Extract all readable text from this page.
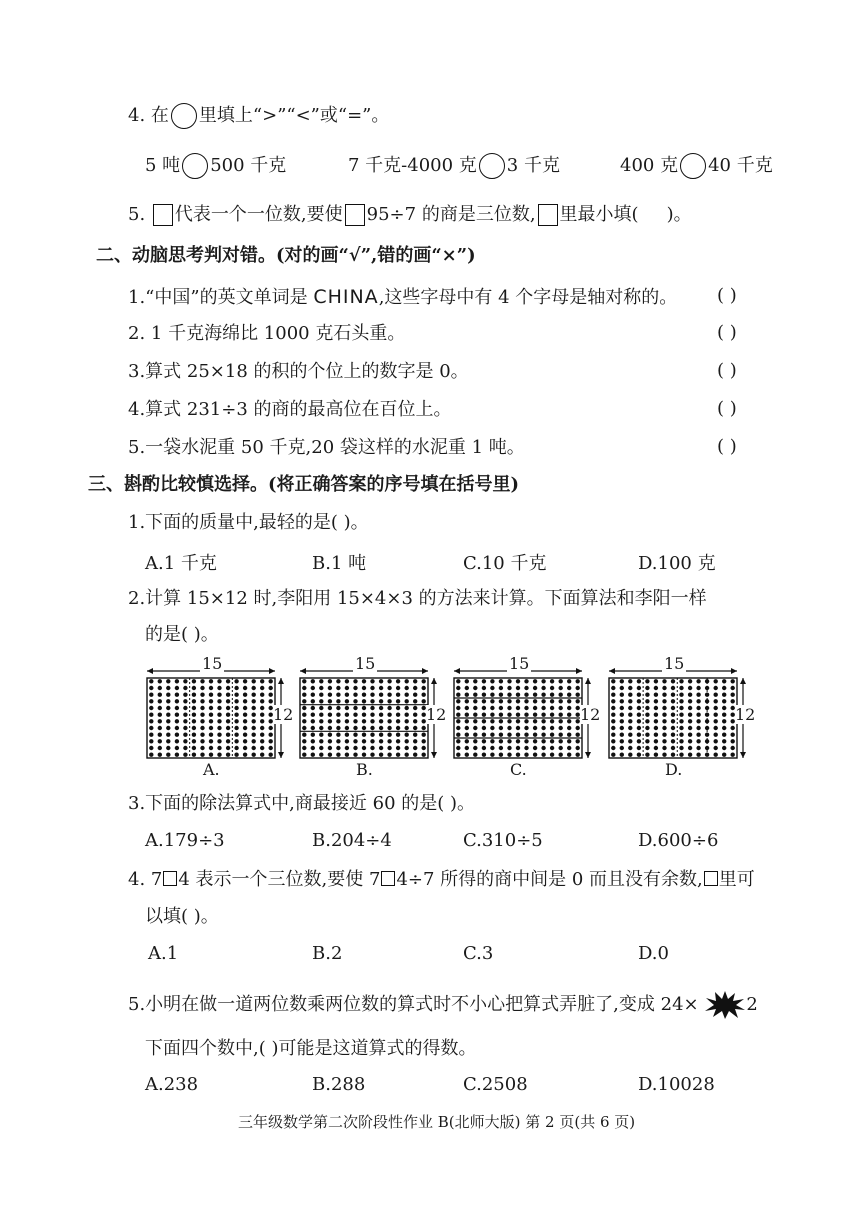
4. 在 里填上“>”“<”或“=”。
5 吨 500 千克	7 千克-4000 克 3 千克	400 克 40 千克
5. 代表一个一位数,要使 95÷7 的商是三位数, 里最小填( )。
二、动脑思考判对错。(对的画“√”,错的画“×”)
1.“中国”的英文单词是 CHINA,这些字母中有 4 个字母是轴对称的。 ( )
2. 1 千克海绵比 1000 克石头重。	( )
3.算式 25×18 的积的个位上的数字是 0。	( )
4.算式 231÷3 的商的最高位在百位上。	( )
5.一袋水泥重 50 千克,20 袋这样的水泥重 1 吨。	( )
三、斟酌比较慎选择。(将正确答案的序号填在括号里)
1.下面的质量中,最轻的是( )。
A.1 千克	B.1 吨	C.10 千克	D.100 克
2.计算 15×12 时,李阳用 15×4×3 的方法来计算。下面算法和李阳一样
的是( )。
15
12
A.
15
12
B.
15
12
C.
15
12
D.
3.下面的除法算式中,商最接近 60 的是( )。
A.179÷3	B.204÷4	C.310÷5	D.600÷6
4. 7 4 表示一个三位数,要使 7 4÷7 所得的商中间是 0 而且没有余数, 里可
以填( )。
A.1	B.2	C.3	D.0
5.小明在做一道两位数乘两位数的算式时不小心把算式弄脏了,变成 24×	2
下面四个数中,( )可能是这道算式的得数。
A.238	B.288	C.2508	D.10028
三年级数学第二次阶段性作业 B(北师大版) 第 2 页(共 6 页)
